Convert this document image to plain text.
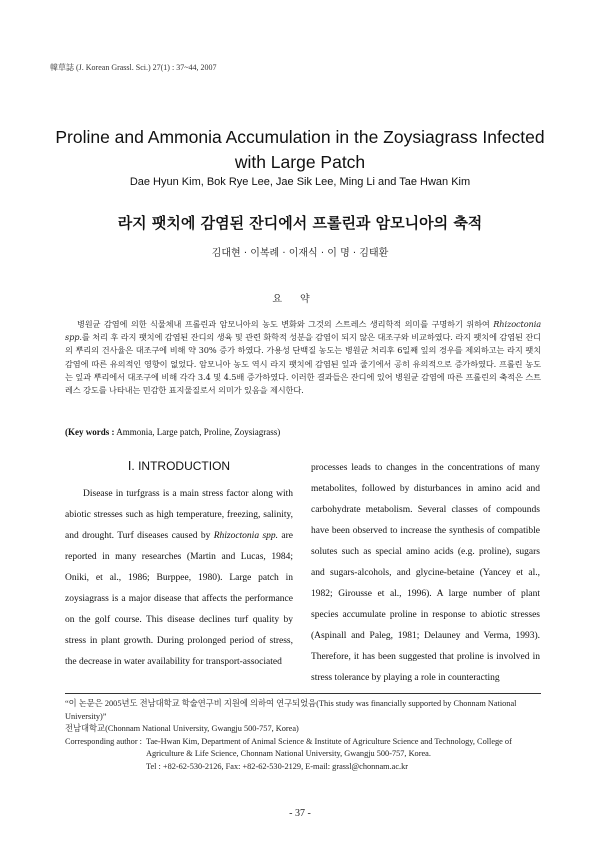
韓草誌 (J. Korean Grassl. Sci.) 27(1) : 37~44, 2007
Proline and Ammonia Accumulation in the Zoysiagrass Infected
with Large Patch
Dae Hyun Kim, Bok Rye Lee, Jae Sik Lee, Ming Li and Tae Hwan Kim
라지 팻치에 감염된 잔디에서 프롤린과 암모니아의 축적
김대현 · 이복례 · 이재식 · 이 명 · 김태환
요약
병원균 감염에 의한 식물체내 프롤린과 암모니아의 농도 변화와 그것의 스트레스 생리학적 의미를 구명하기 위하여 Rhizoctonia spp.를 처리 후 라지 팻치에 감염된 잔디의 생육 및 관련 화학적 성분을 감염이 되지 않은 대조구와 비교하였다. 라지 팻치에 감염된 잔디의 뿌리의 건사율은 대조구에 비해 약 30% 증가 하였다. 가용성 단백질 농도는 병원균 처리후 6일째 잎의 경우를 제외하고는 라지 팻치 감염에 따른 유의적인 영향이 없었다. 암모니아 농도 역시 라지 팻치에 감염된 잎과 줄기에서 공히 유의적으로 증가하였다. 프롤린 농도는 잎과 뿌리에서 대조구에 비해 각각 3.4 및 4.5배 증가하였다. 이러한 결과들은 잔디에 있어 병원균 감염에 따른 프롤린의 축적은 스트레스 강도를 나타내는 민감한 표지물질로서 의미가 있음을 제시한다.
(Key words : Ammonia, Large patch, Proline, Zoysiagrass)
Ⅰ. INTRODUCTION

Disease in turfgrass is a main stress factor along with abiotic stresses such as high temperature, freezing, salinity, and drought. Turf diseases caused by Rhizoctonia spp. are reported in many researches (Martin and Lucas, 1984; Oniki, et al., 1986; Burppee, 1980). Large patch in zoysiagrass is a major disease that affects the performance on the golf course. This disease declines turf quality by stress in plant growth. During prolonged period of stress, the decrease in water availability for transport-associated

processes leads to changes in the concentrations of many metabolites, followed by disturbances in amino acid and carbohydrate metabolism. Several classes of compounds have been observed to increase the synthesis of compatible solutes such as special amino acids (e.g. proline), sugars and sugars-alcohols, and glycine-betaine (Yancey et al., 1982; Girousse et al., 1996). A large number of plant species accumulate proline in response to abiotic stresses (Aspinall and Paleg, 1981; Delauney and Verma, 1993). Therefore, it has been suggested that proline is involved in stress tolerance by playing a role in counteracting

“이 논문은 2005년도 전남대학교 학술연구비 지원에 의하여 연구되었음(This study was financially supported by Chonnam National University)”

전남대학교(Chonnam National University, Gwangju 500-757, Korea)

Corresponding author : Tae-Hwan Kim, Department of Animal Science & Institute of Agriculture Science and Technology, College of Agriculture & Life Science, Chonnam National University, Gwangju 500-757, Korea.
Tel : +82-62-530-2126, Fax: +82-62-530-2129, E-mail: grassl@chonnam.ac.kr
- 37 -
